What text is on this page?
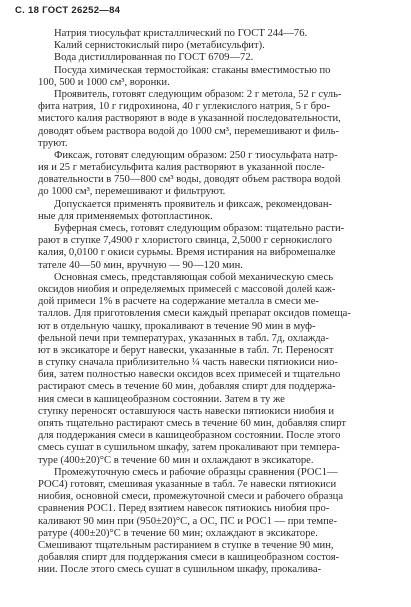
С. 18 ГОСТ 26252—84
Натрия тиосульфат кристаллический по ГОСТ 244—76.
Калий сернистокислый пиро (метабисульфит).
Вода дистиллированная по ГОСТ 6709—72.
Посуда химическая термостойкая: стаканы вместимостью по
100, 500 и 1000 см³, воронки.
Проявитель, готовят следующим образом: 2 г метола, 52 г суль-
фита натрия, 10 г гидрохинона, 40 г углекислого натрия, 5 г бро-
мистого калия растворяют в воде в указанной последовательности,
доводят объем раствора водой до 1000 см³, перемешивают и филь-
труют.
Фиксаж, готовят следующим образом: 250 г тиосульфата натр-
ия и 25 г метабисульфита калия растворяют в указанной после-
довательности в 750—800 см³ воды, доводят объем раствора водой
до 1000 см³, перемешивают и фильтруют.
Допускается применять проявитель и фиксаж, рекомендован-
ные для применяемых фотопластинок.
Буферная смесь, готовят следующим образом: тщательно расти-
рают в ступке 7,4900 г хлористого свинца, 2,5000 г сернокислого
калия, 0,0100 г окиси сурьмы. Время истирания на вибромешалке
тателе 40—50 мин, вручную — 90—120 мин.
Основная смесь, представляющая собой механическую смесь
оксидов ниобия и определяемых примесей с массовой долей каж-
дой примеси 1% в расчете на содержание металла в смеси ме-
таллов. Для приготовления смеси каждый препарат оксидов помеща-
ют в отдельную чашку, прокаливают в течение 90 мин в муф-
фельной печи при температурах, указанных в табл. 7д, охлажда-
ют в эксикаторе и берут навески, указанные в табл. 7г. Переносят
в ступку сначала приблизительно ¼ часть навески пятиокиси нио-
бия, затем полностью навески оксидов всех примесей и тщательно
растирают смесь в течение 60 мин, добавляя спирт для поддержа-
ния смеси в кашицеобразном состоянии. Затем в ту же
ступку переносят оставшуюся часть навески пятиокиси ниобия и
опять тщательно растирают смесь в течение 60 мин, добавляя спирт
для поддержания смеси в кашицеобразном состоянии. После этого
смесь сушат в сушильном шкафу, затем прокаливают при темпера-
туре (400±20)°C в течение 60 мин и охлаждают в эксикаторе.
Промежуточную смесь и рабочие образцы сравнения (РОС1—
РОС4) готовят, смешивая указанные в табл. 7е навески пятиокиси
ниобия, основной смеси, промежуточной смеси и рабочего образца
сравнения РОС1. Перед взятием навесок пятиокись ниобия про-
каливают 90 мин при (950±20)°C, а ОС, ПС и РОС1 — при темпе-
ратуре (400±20)°C в течение 60 мин; охлаждают в эксикаторе.
Смешивают тщательным растиранием в ступке в течение 90 мин,
добавляя спирт для поддержания смеси в кашицеобразном состоя-
нии. После этого смесь сушат в сушильном шкафу, прокалива-
